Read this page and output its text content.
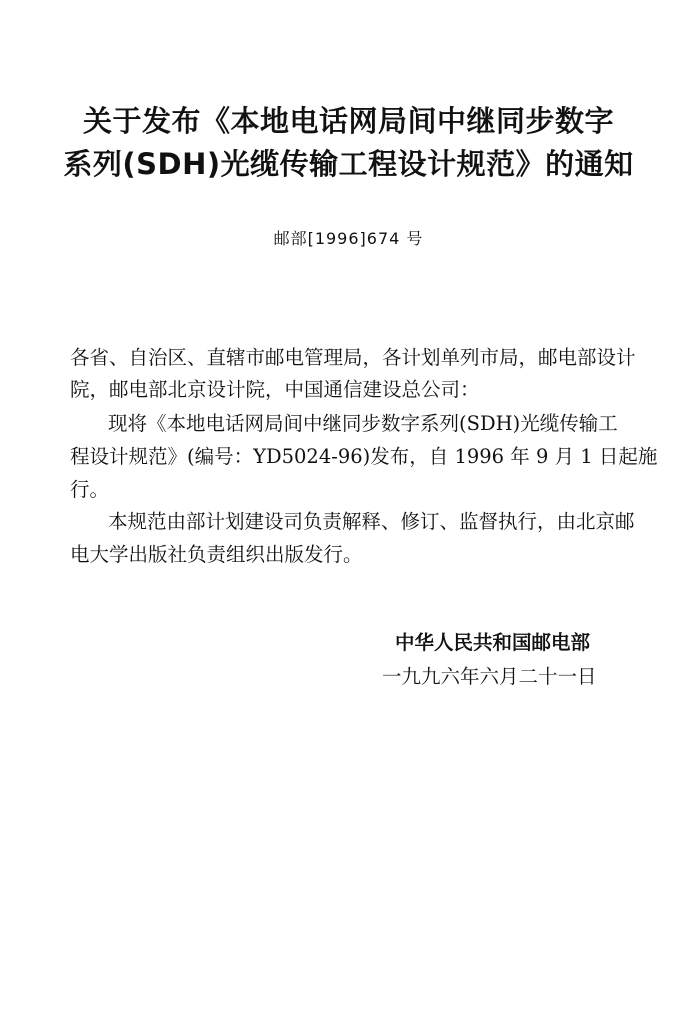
关于发布《本地电话网局间中继同步数字
系列(SDH)光缆传输工程设计规范》的通知
邮部[1996]674 号
各省、自治区、直辖市邮电管理局，各计划单列市局，邮电部设计
院，邮电部北京设计院，中国通信建设总公司：
现将《本地电话网局间中继同步数字系列(SDH)光缆传输工
程设计规范》(编号：YD5024-96)发布，自 1996 年 9 月 1 日起施
行。
本规范由部计划建设司负责解释、修订、监督执行，由北京邮
电大学出版社负责组织出版发行。
中华人民共和国邮电部
一九九六年六月二十一日
